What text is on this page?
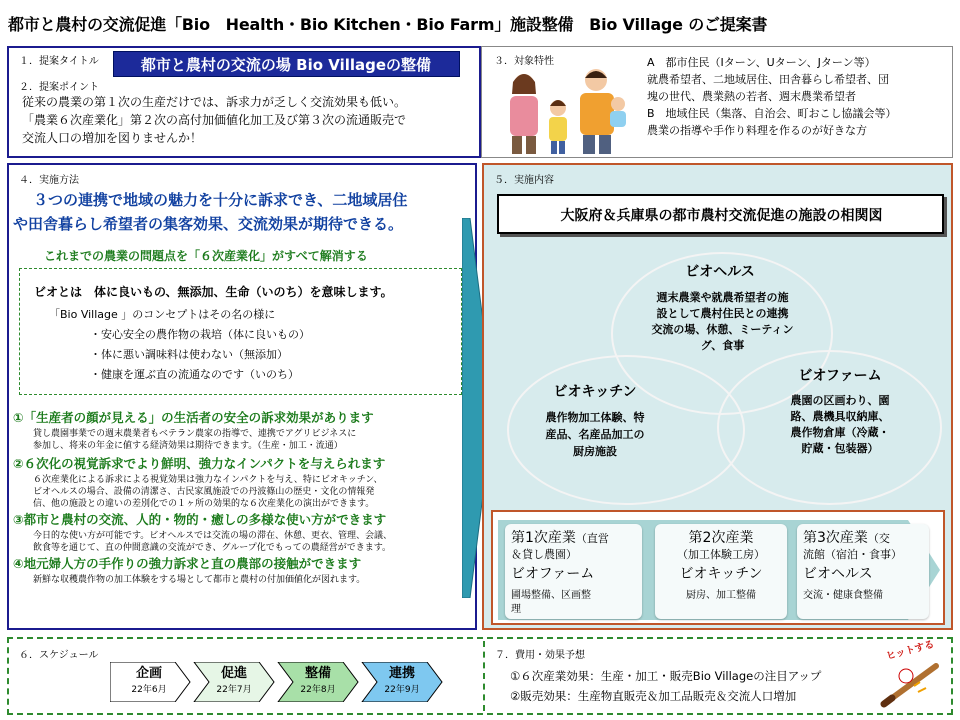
都市と農村の交流促進「Bio　Health・Bio Kitchen・Bio Farm」施設整備　Bio Village のご提案書
１．提案タイトル	都市と農村の交流の場 Bio Villageの整備
２．提案ポイント
従来の農業の第１次の生産だけでは、訴求力が乏しく交流効果も低い。
「農業６次産業化」第２次の高付加価値化加工及び第３次の流通販売で
交流人口の増加を図りませんか！
３．対象特性	A　都市住民（Iターン、Uターン、Jターン等）
就農希望者、二地域居住、田舎暮らし希望者、団
塊の世代、農業熱の若者、週末農業希望者
B　地域住民（集落、自治会、町おこし協議会等）
農業の指導や手作り料理を作るのが好きな方
４．実施方法
３つの連携で地域の魅力を十分に訴求でき、二地域居住
や田舎暮らし希望者の集客効果、交流効果が期待できる。
これまでの農業の問題点を「６次産業化」がすべて解消する
ビオとは　体に良いもの、無添加、生命（いのち）を意味します。
「Bio Village 」のコンセプトはその名の様に
・安心安全の農作物の栽培（体に良いもの）
・体に悪い調味料は使わない（無添加）
・健康を運ぶ直の流通なのです（いのち）
①「生産者の顔が見える」の生活者の安全の訴求効果があります
貸し農園事業での週末農業者もベテラン農家の指導で、連携でアグリビジネスに
参加し、将来の年金に値する経済効果は期待できます。（生産・加工・流通）
②６次化の視覚訴求でより鮮明、強力なインパクトを与えられます
６次産業化による訴求による視覚効果は強力なインパクトを与え、特にビオキッチン、
ビオヘルスの場合、設備の清潔さ、古民家風施設での丹波篠山の歴史・文化の情報発
信、他の施設との違いの差別化での１ヶ所の効果的な６次産業化の演出ができます。
③都市と農村の交流、人的・物的・癒しの多様な使い方ができます
今日的な使い方が可能です。ビオヘルスでは交流の場の滞在、休憩、更衣、管理、会議、
飲食等を通じて、直の仲間意識の交流ができ、グループ化でもっての農経営ができます。
④地元婦人方の手作りの強力訴求と直の農部の接触ができます
新鮮な収穫農作物の加工体験をする場として都市と農村の付加価値化が図れます。
５．実施内容
大阪府＆兵庫県の都市農村交流促進の施設の相関図
ビオヘルス
週末農業や就農希望者の施
設として農村住民との連携
交流の場、休憩、ミーティン
グ、食事
ビオキッチン
農作物加工体験、特
産品、名産品加工の
厨房施設
ビオファーム
農園の区画わり、園
路、農機具収納庫、
農作物倉庫（冷蔵・
貯蔵・包装器）
第1次産業（直営
＆貸し農園）
ビオファーム
圃場整備、区画整
理
第2次産業
（加工体験工房）
ビオキッチン
厨房、加工整備
第3次産業（交
流館（宿泊・食事）
ビオヘルス
交流・健康食整備
６．スケジュール
企画
22年6月
促進
22年7月
整備
22年8月
連携
22年9月
７．費用・効果予想
①６次産業効果：生産・加工・販売Bio Villageの注目アップ
②販売効果：生産物直販売＆加工品販売＆交流人口増加
ヒットする
